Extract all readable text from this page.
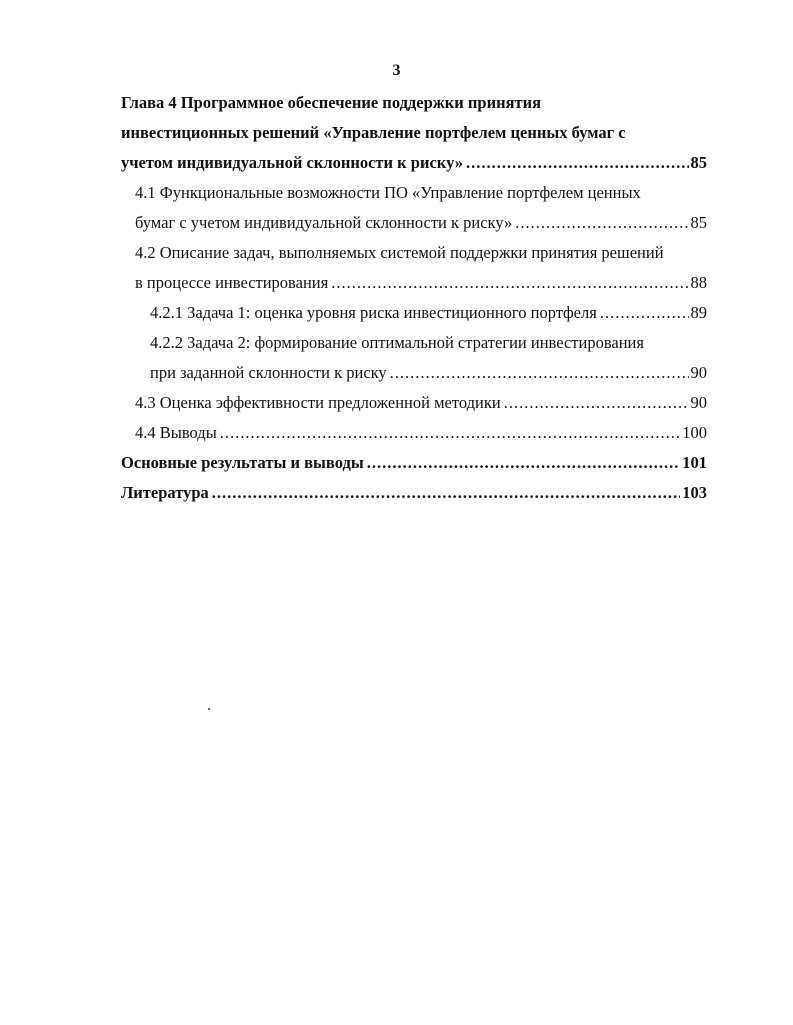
3
Глава 4 Программное обеспечение поддержки принятия
инвестиционных решений «Управление портфелем ценных бумаг с
учетом индивидуальной склонности к риску» .....	85
4.1 Функциональные возможности ПО «Управление портфелем ценных
бумаг с учетом индивидуальной склонности к риску» .....	85
4.2 Описание задач, выполняемых системой поддержки принятия решений
в процессе инвестирования .....	88
4.2.1 Задача 1: оценка уровня риска инвестиционного портфеля .....	89
4.2.2 Задача 2: формирование оптимальной стратегии инвестирования
при заданной склонности к риску .....	90
4.3 Оценка эффективности предложенной методики .....	90
4.4 Выводы .....	100
Основные результаты и выводы .....	101
Литература .....	103
